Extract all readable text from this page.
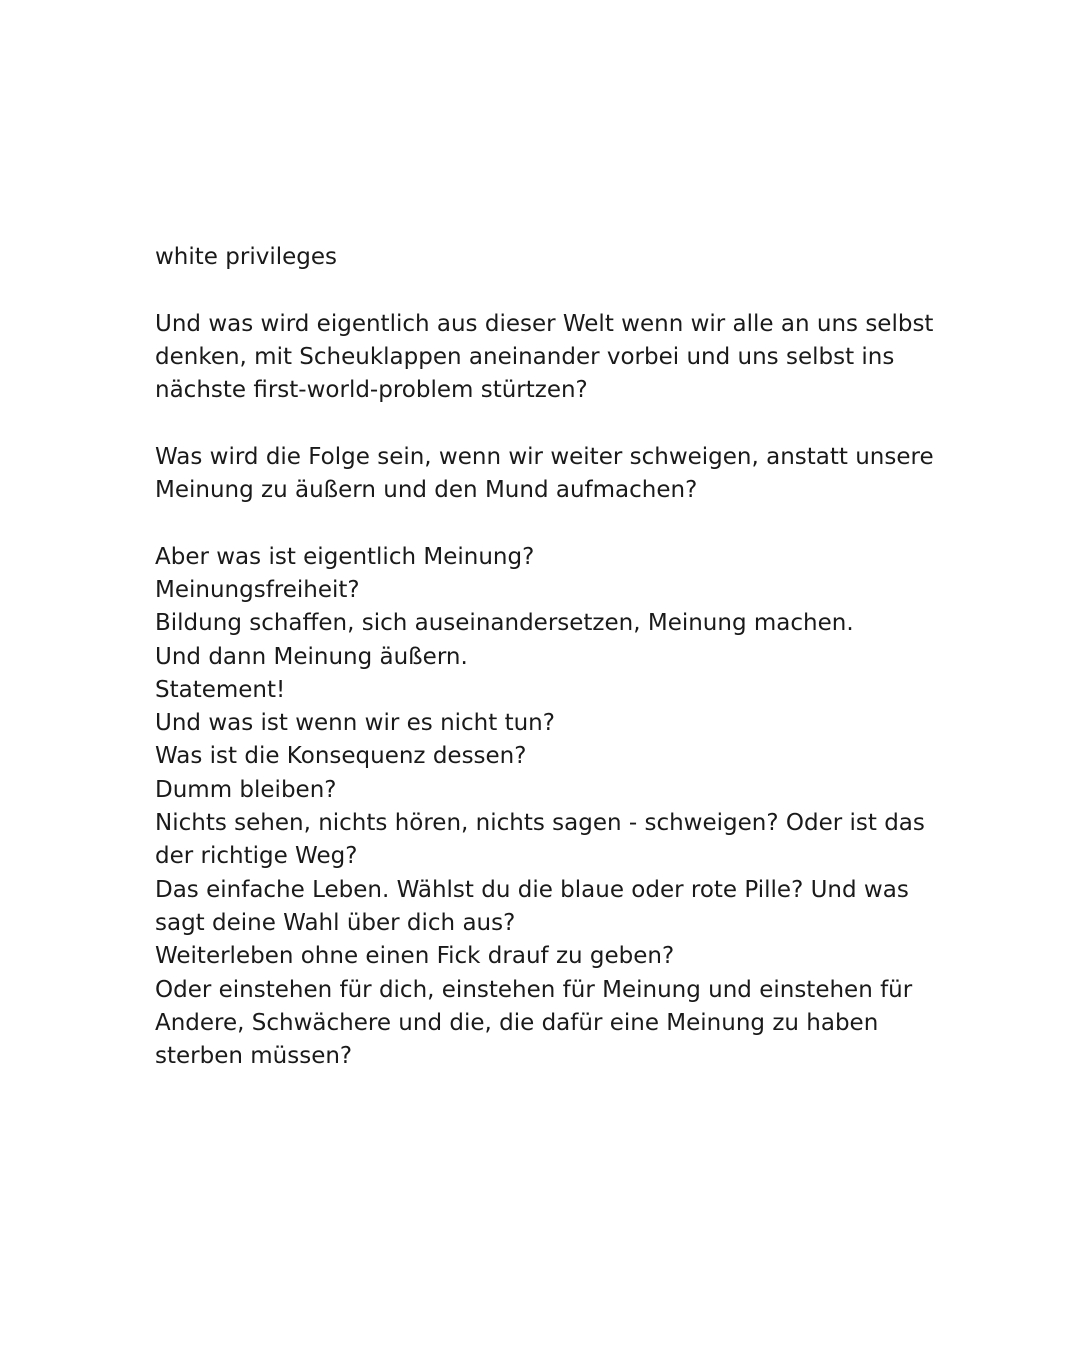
white privileges
Und was wird eigentlich aus dieser Welt wenn wir alle an uns selbst
denken, mit Scheuklappen aneinander vorbei und uns selbst ins
nächste first-world-problem stürtzen?
Was wird die Folge sein, wenn wir weiter schweigen, anstatt unsere
Meinung zu äußern und den Mund aufmachen?
Aber was ist eigentlich Meinung?
Meinungsfreiheit?
Bildung schaffen, sich auseinandersetzen, Meinung machen.
Und dann Meinung äußern.
Statement!
Und was ist wenn wir es nicht tun?
Was ist die Konsequenz dessen?
Dumm bleiben?
Nichts sehen, nichts hören, nichts sagen - schweigen? Oder ist das
der richtige Weg?
Das einfache Leben. Wählst du die blaue oder rote Pille? Und was
sagt deine Wahl über dich aus?
Weiterleben ohne einen Fick drauf zu geben?
Oder einstehen für dich, einstehen für Meinung und einstehen für
Andere, Schwächere und die, die dafür eine Meinung zu haben
sterben müssen?
